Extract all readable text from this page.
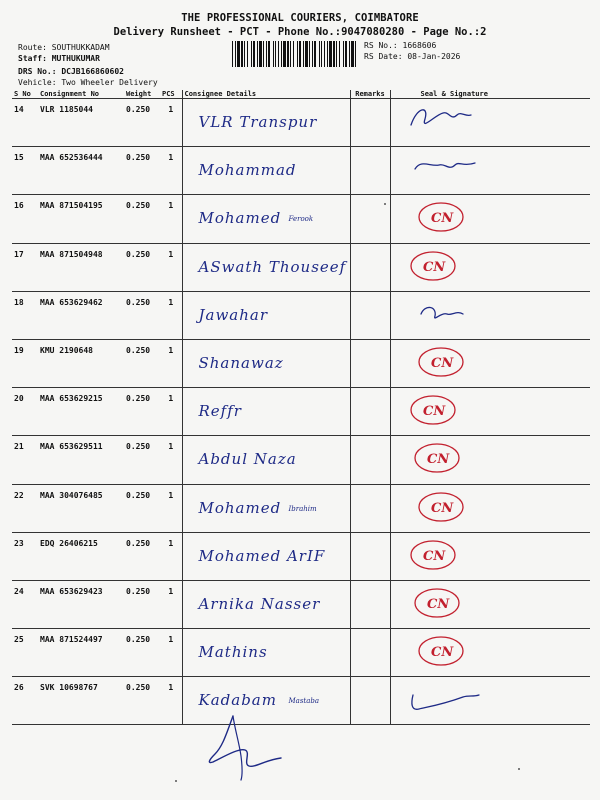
THE PROFESSIONAL COURIERS, COIMBATORE
Delivery Runsheet - PCT - Phone No.:9047080280 - Page No.:2
Route: SOUTHUKKADAM
Staff: MUTHUKUMAR
DRS No.: DCJB166860602
Vehicle: Two Wheeler Delivery
RS No.: 1668606
RS Date: 08-Jan-2026
S No	Consignment No	Weight	PCS	Consignee Details	Remarks	Seal & Signature
14	VLR 1185044	0.250	1	VLR Transpur

15	MAA 652536444	0.250	1	Mohammad

16	MAA 871504195	0.250	1	Mohamed Ferook		CN

17	MAA 871504948	0.250	1	ASwath Thouseef		CN

18	MAA 653629462	0.250	1	Jawahar

19	KMU 2190648	0.250	1	Shanawaz		CN

20	MAA 653629215	0.250	1	Reffr		CN

21	MAA 653629511	0.250	1	Abdul Naza		CN

22	MAA 304076485	0.250	1	Mohamed Ibrahim		CN

23	EDQ 26406215	0.250	1	Mohamed ArIF		CN

24	MAA 653629423	0.250	1	Arnika Nasser		CN

25	MAA 871524497	0.250	1	Mathins		CN

26	SVK 10698767	0.250	1	Kadabam Mastaba
